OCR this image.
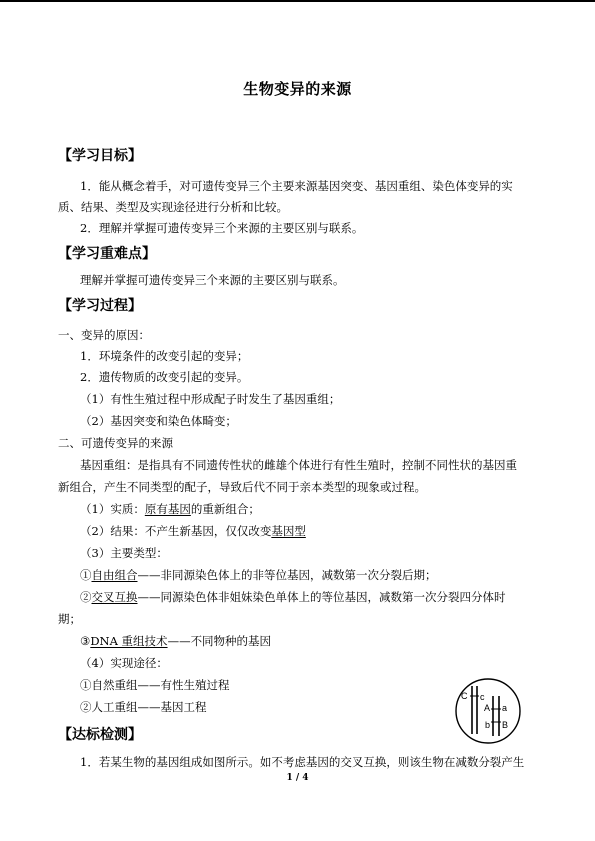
生物变异的来源
【学习目标】
1．能从概念着手，对可遗传变异三个主要来源基因突变、基因重组、染色体变异的实
质、结果、类型及实现途径进行分析和比较。
2．理解并掌握可遗传变异三个来源的主要区别与联系。
【学习重难点】
理解并掌握可遗传变异三个来源的主要区别与联系。
【学习过程】
一、变异的原因：
1．环境条件的改变引起的变异；
2．遗传物质的改变引起的变异。
（1）有性生殖过程中形成配子时发生了基因重组；
（2）基因突变和染色体畸变；
二、可遗传变异的来源
基因重组：是指具有不同遗传性状的雌雄个体进行有性生殖时，控制不同性状的基因重
新组合，产生不同类型的配子，导致后代不同于亲本类型的现象或过程。
（1）实质：原有基因的重新组合；
（2）结果：不产生新基因，仅仅改变基因型
（3）主要类型：
①自由组合——非同源染色体上的非等位基因，减数第一次分裂后期；
②交叉互换——同源染色体非姐妹染色单体上的等位基因，减数第一次分裂四分体时
期；
③DNA 重组技术——不同物种的基因
（4）实现途径：
①自然重组——有性生殖过程
②人工重组——基因工程
C c
A a
b B
【达标检测】
1．若某生物的基因组成如图所示。如不考虑基因的交叉互换，则该生物在减数分裂产生
1 / 4
